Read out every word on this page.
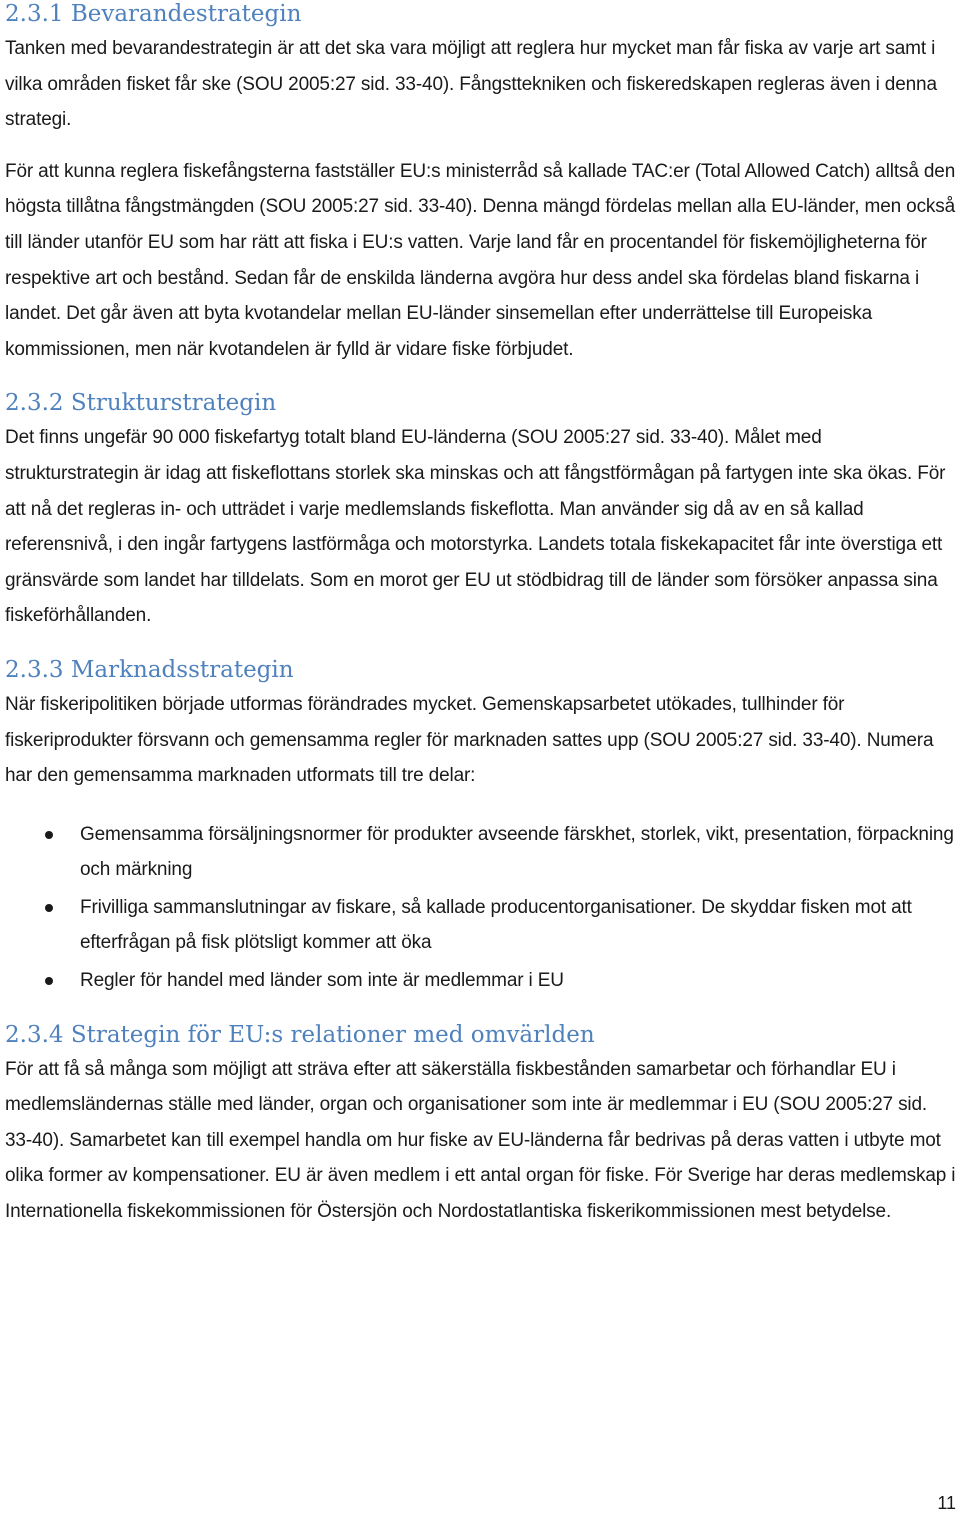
2.3.1 Bevarandestrategin

Tanken med bevarandestrategin är att det ska vara möjligt att reglera hur mycket man får fiska av varje art samt i vilka områden fisket får ske (SOU 2005:27 sid. 33-40). Fångsttekniken och fiskeredskapen regleras även i denna strategi.

För att kunna reglera fiskefångsterna fastställer EU:s ministerråd så kallade TAC:er (Total Allowed Catch) alltså den högsta tillåtna fångstmängden (SOU 2005:27 sid. 33-40). Denna mängd fördelas mellan alla EU-länder, men också till länder utanför EU som har rätt att fiska i EU:s vatten. Varje land får en procentandel för fiskemöjligheterna för respektive art och bestånd. Sedan får de enskilda länderna avgöra hur dess andel ska fördelas bland fiskarna i landet. Det går även att byta kvotandelar mellan EU-länder sinsemellan efter underrättelse till Europeiska kommissionen, men när kvotandelen är fylld är vidare fiske förbjudet.

2.3.2 Strukturstrategin

Det finns ungefär 90 000 fiskefartyg totalt bland EU-länderna (SOU 2005:27 sid. 33-40). Målet med strukturstrategin är idag att fiskeflottans storlek ska minskas och att fångstförmågan på fartygen inte ska ökas. För att nå det regleras in- och utträdet i varje medlemslands fiskeflotta. Man använder sig då av en så kallad referensnivå, i den ingår fartygens lastförmåga och motorstyrka. Landets totala fiskekapacitet får inte överstiga ett gränsvärde som landet har tilldelats. Som en morot ger EU ut stödbidrag till de länder som försöker anpassa sina fiskeförhållanden.

2.3.3 Marknadsstrategin

När fiskeripolitiken började utformas förändrades mycket. Gemenskapsarbetet utökades, tullhinder för fiskeriprodukter försvann och gemensamma regler för marknaden sattes upp (SOU 2005:27 sid. 33-40). Numera har den gemensamma marknaden utformats till tre delar:

Gemensamma försäljningsnormer för produkter avseende färskhet, storlek, vikt, presentation, förpackning och märkning
Frivilliga sammanslutningar av fiskare, så kallade producentorganisationer. De skyddar fisken mot att efterfrågan på fisk plötsligt kommer att öka
Regler för handel med länder som inte är medlemmar i EU
2.3.4 Strategin för EU:s relationer med omvärlden

För att få så många som möjligt att sträva efter att säkerställa fiskbestånden samarbetar och förhandlar EU i medlemsländernas ställe med länder, organ och organisationer som inte är medlemmar i EU (SOU 2005:27 sid. 33-40). Samarbetet kan till exempel handla om hur fiske av EU-länderna får bedrivas på deras vatten i utbyte mot olika former av kompensationer. EU är även medlem i ett antal organ för fiske. För Sverige har deras medlemskap i Internationella fiskekommissionen för Östersjön och Nordostatlantiska fiskerikommissionen mest betydelse.

11
